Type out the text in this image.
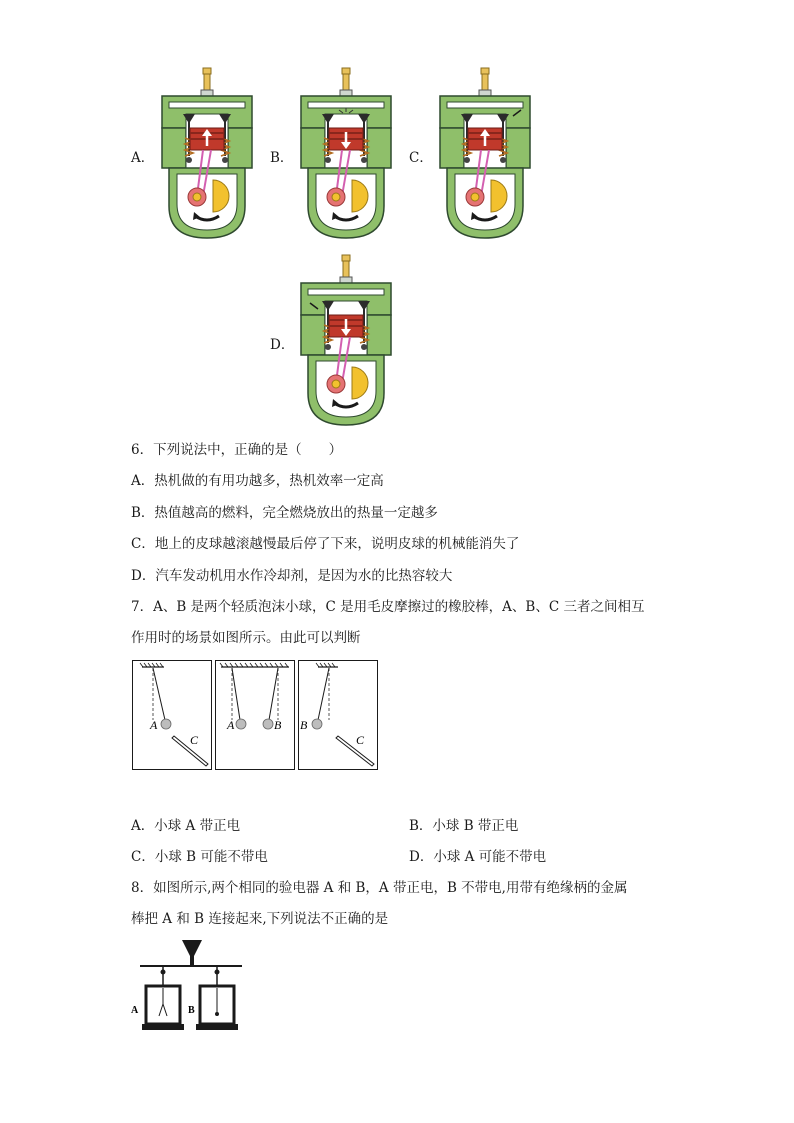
A．	B．	C．
D．
6．下列说法中，正确的是（　　）
A．热机做的有用功越多，热机效率一定高
B．热值越高的燃料，完全燃烧放出的热量一定越多
C．地上的皮球越滚越慢最后停了下来，说明皮球的机械能消失了
D．汽车发动机用水作冷却剂，是因为水的比热容较大
7．A、B 是两个轻质泡沫小球，C 是用毛皮摩擦过的橡胶棒，A、B、C 三者之间相互
作用时的场景如图所示。由此可以判断
A
C
A	B B
C
A．小球 A 带正电	B．小球 B 带正电
C．小球 B 可能不带电	D．小球 A 可能不带电
8．如图所示,两个相同的验电器 A 和 B，A 带正电，B 不带电,用带有绝缘柄的金属
棒把 A 和 B 连接起来,下列说法不正确的是
A	B
